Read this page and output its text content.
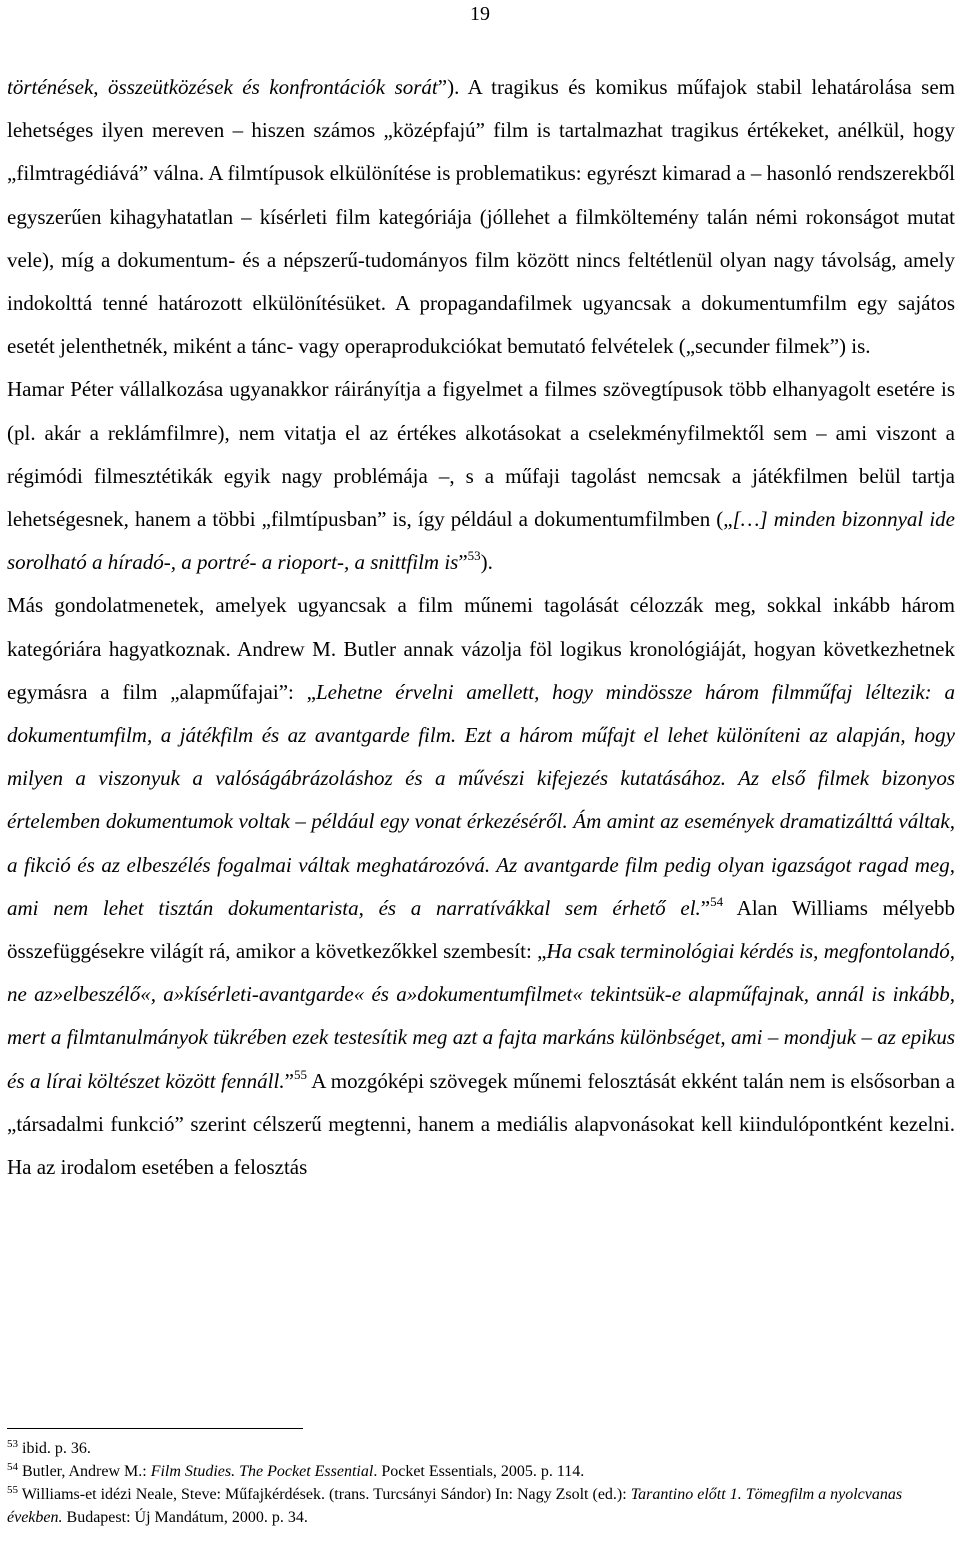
19

történések, összeütközések és konfrontációk sorát”). A tragikus és komikus műfajok stabil lehatárolása sem lehetséges ilyen mereven – hiszen számos „középfajú” film is tartalmazhat tragikus értékeket, anélkül, hogy „filmtragédiává” válna. A filmtípusok elkülönítése is problematikus: egyrészt kimarad a – hasonló rendszerekből egyszerűen kihagyhatatlan – kísérleti film kategóriája (jóllehet a filmköltemény talán némi rokonságot mutat vele), míg a dokumentum- és a népszerű-tudományos film között nincs feltétlenül olyan nagy távolság, amely indokolttá tenné határozott elkülönítésüket. A propagandafilmek ugyancsak a dokumentumfilm egy sajátos esetét jelenthetnék, miként a tánc- vagy operaprodukciókat bemutató felvételek („secunder filmek”) is.

Hamar Péter vállalkozása ugyanakkor ráirányítja a figyelmet a filmes szövegtípusok több elhanyagolt esetére is (pl. akár a reklámfilmre), nem vitatja el az értékes alkotásokat a cselekményfilmektől sem – ami viszont a régimódi filmesztétikák egyik nagy problémája –, s a műfaji tagolást nemcsak a játékfilmen belül tartja lehetségesnek, hanem a többi „filmtípusban” is, így például a dokumentumfilmben („[…] minden bizonnyal ide sorolható a híradó-, a portré- a rioport-, a snittfilm is”$^{53}$).

Más gondolatmenetek, amelyek ugyancsak a film műnemi tagolását célozzák meg, sokkal inkább három kategóriára hagyatkoznak. Andrew M. Butler annak vázolja föl logikus kronológiáját, hogyan következhetnek egymásra a film „alapműfajai”: „Lehetne érvelni amellett, hogy mindössze három filmműfaj léltezik: a dokumentumfilm, a játékfilm és az avantgarde film. Ezt a három műfajt el lehet különíteni az alapján, hogy milyen a viszonyuk a valóságábrázoláshoz és a művészi kifejezés kutatásához. Az első filmek bizonyos értelemben dokumentumok voltak – például egy vonat érkezéséről. Ám amint az események dramatizálttá váltak, a fikció és az elbeszélés fogalmai váltak meghatározóvá. Az avantgarde film pedig olyan igazságot ragad meg, ami nem lehet tisztán dokumentarista, és a narratívákkal sem érhető el.”$^{54}$ Alan Williams mélyebb összefüggésekre világít rá, amikor a következőkkel szembesít: „Ha csak terminológiai kérdés is, megfontolandó, ne az»elbeszélő«, a»kísérleti-avantgarde« és a»dokumentumfilmet« tekintsük-e alapműfajnak, annál is inkább, mert a filmtanulmányok tükrében ezek testesítik meg azt a fajta markáns különbséget, ami – mondjuk – az epikus és a lírai költészet között fennáll.”$^{55}$ A mozgóképi szövegek műnemi felosztását ekként talán nem is elsősorban a „társadalmi funkció” szerint célszerű megtenni, hanem a mediális alapvonásokat kell kiindulópontként kezelni. Ha az irodalom esetében a felosztás

$^{53}$ ibid. p. 36.

$^{54}$ Butler, Andrew M.: Film Studies. The Pocket Essential. Pocket Essentials, 2005. p. 114.

$^{55}$ Williams-et idézi Neale, Steve: Műfajkérdések. (trans. Turcsányi Sándor) In: Nagy Zsolt (ed.): Tarantino előtt 1. Tömegfilm a nyolcvanas években. Budapest: Új Mandátum, 2000. p. 34.
